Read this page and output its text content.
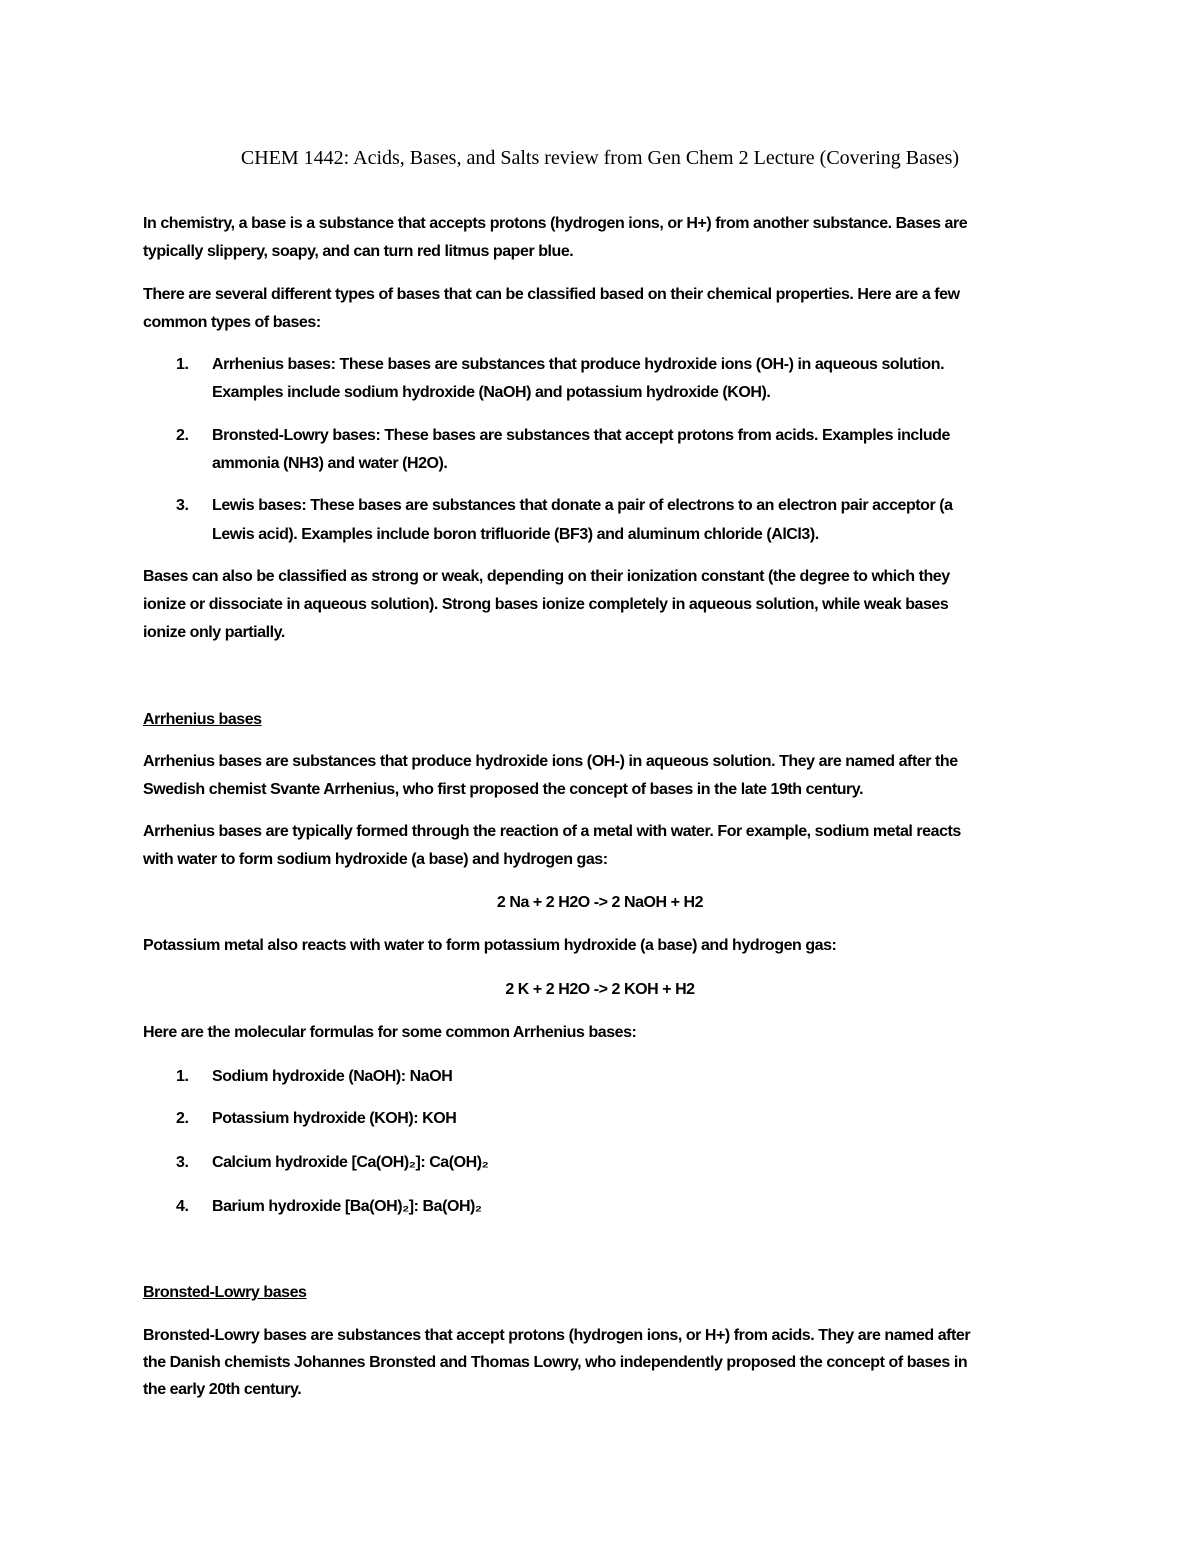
CHEM 1442: Acids, Bases, and Salts review from Gen Chem 2 Lecture (Covering Bases)
In chemistry, a base is a substance that accepts protons (hydrogen ions, or H+) from another substance. Bases are
typically slippery, soapy, and can turn red litmus paper blue.
There are several different types of bases that can be classified based on their chemical properties. Here are a few
common types of bases:
1. Arrhenius bases: These bases are substances that produce hydroxide ions (OH-) in aqueous solution.
Examples include sodium hydroxide (NaOH) and potassium hydroxide (KOH).
2. Bronsted-Lowry bases: These bases are substances that accept protons from acids. Examples include
ammonia (NH3) and water (H2O).
3. Lewis bases: These bases are substances that donate a pair of electrons to an electron pair acceptor (a
Lewis acid). Examples include boron trifluoride (BF3) and aluminum chloride (AlCl3).
Bases can also be classified as strong or weak, depending on their ionization constant (the degree to which they
ionize or dissociate in aqueous solution). Strong bases ionize completely in aqueous solution, while weak bases
ionize only partially.
Arrhenius bases
Arrhenius bases are substances that produce hydroxide ions (OH-) in aqueous solution. They are named after the
Swedish chemist Svante Arrhenius, who first proposed the concept of bases in the late 19th century.
Arrhenius bases are typically formed through the reaction of a metal with water. For example, sodium metal reacts
with water to form sodium hydroxide (a base) and hydrogen gas:
2 Na + 2 H2O -> 2 NaOH + H2
Potassium metal also reacts with water to form potassium hydroxide (a base) and hydrogen gas:
2 K + 2 H2O -> 2 KOH + H2
Here are the molecular formulas for some common Arrhenius bases:
1. Sodium hydroxide (NaOH): NaOH
2. Potassium hydroxide (KOH): KOH
3. Calcium hydroxide [Ca(OH)₂]: Ca(OH)₂
4. Barium hydroxide [Ba(OH)₂]: Ba(OH)₂
Bronsted-Lowry bases
Bronsted-Lowry bases are substances that accept protons (hydrogen ions, or H+) from acids. They are named after
the Danish chemists Johannes Bronsted and Thomas Lowry, who independently proposed the concept of bases in
the early 20th century.
